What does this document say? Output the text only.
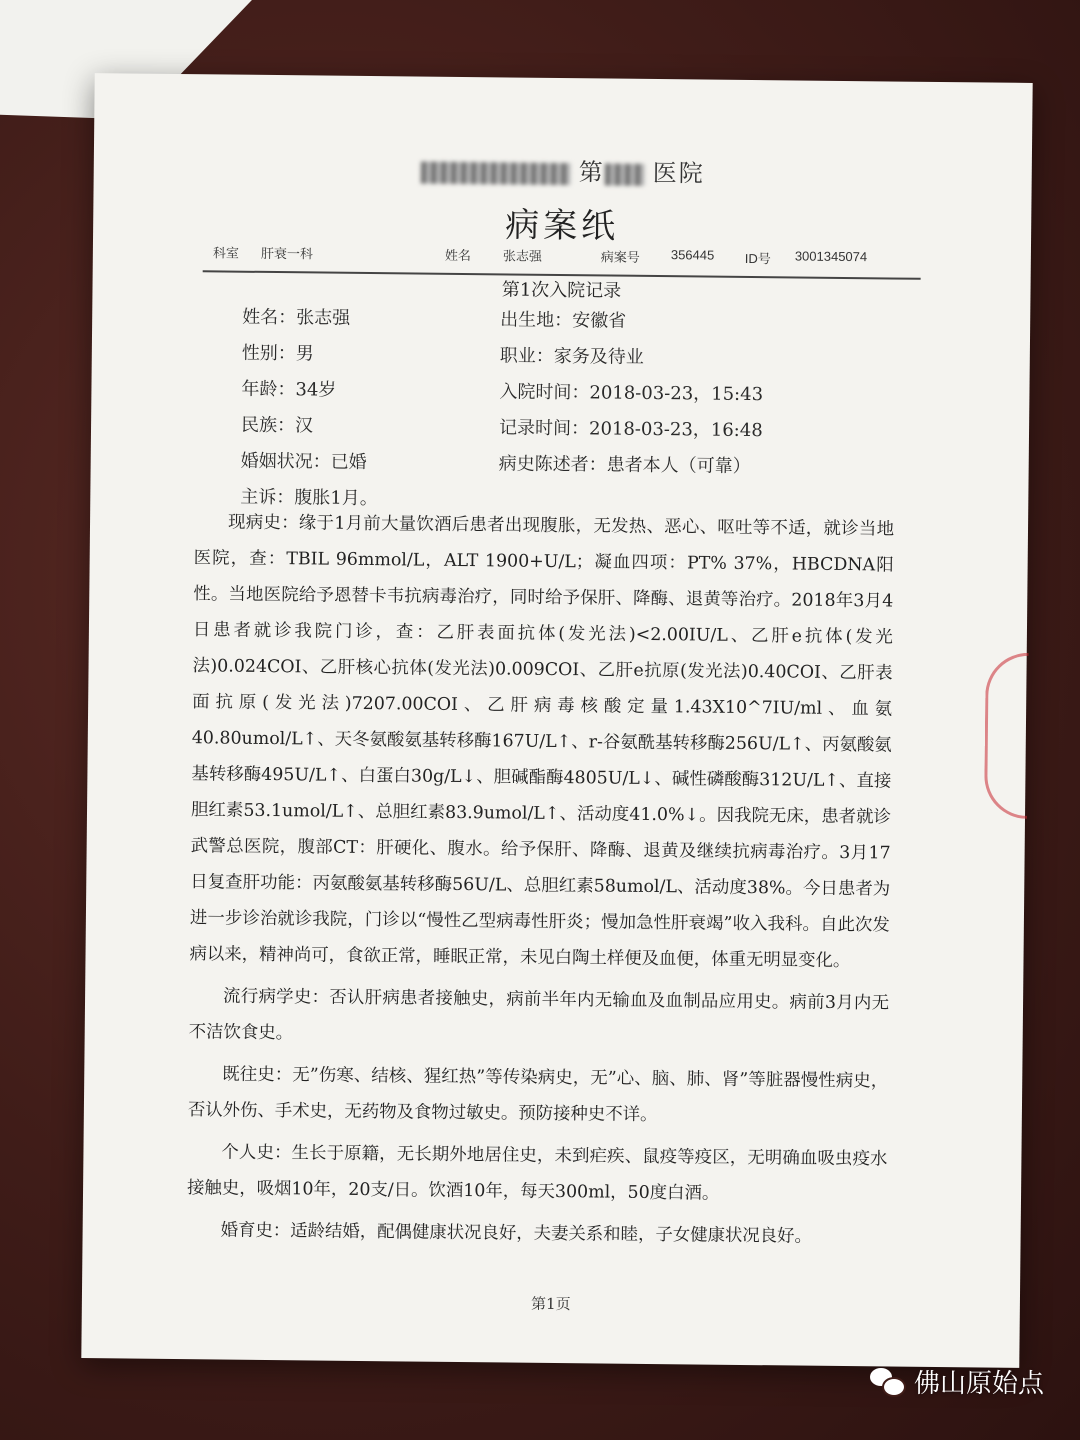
第 医院
病案纸
科室 肝衰一科	姓名 张志强	病案号 356445 ID号 3001345074
第1次入院记录
姓名：张志强
性别：男
年龄：34岁
民族：汉
婚姻状况：已婚
主诉：腹胀1月。
出生地：安徽省
职业：家务及待业
入院时间：2018-03-23，15:43
记录时间：2018-03-23，16:48
病史陈述者：患者本人（可靠）

现病史：缘于1月前大量饮酒后患者出现腹胀，无发热、恶心、呕吐等不适，就诊当地医院，查：TBIL 96mmol/L，ALT 1900+U/L；凝血四项：PT% 37%，HBCDNA阳性。当地医院给予恩替卡韦抗病毒治疗，同时给予保肝、降酶、退黄等治疗。2018年3月4日患者就诊我院门诊，查：乙肝表面抗体(发光法)<2.00IU/L、乙肝e抗体(发光法)0.024COI、乙肝核心抗体(发光法)0.009COI、乙肝e抗原(发光法)0.40COI、乙肝表面抗原(发光法)7207.00COI、乙肝病毒核酸定量1.43X10^7IU/ml、血氨40.80umol/L↑、天冬氨酸氨基转移酶167U/L↑、r-谷氨酰基转移酶256U/L↑、丙氨酸氨基转移酶495U/L↑、白蛋白30g/L↓、胆碱酯酶4805U/L↓、碱性磷酸酶312U/L↑、直接胆红素53.1umol/L↑、总胆红素83.9umol/L↑、活动度41.0%↓。因我院无床，患者就诊武警总医院，腹部CT：肝硬化、腹水。给予保肝、降酶、退黄及继续抗病毒治疗。3月17日复查肝功能：丙氨酸氨基转移酶56U/L、总胆红素58umol/L、活动度38%。今日患者为进一步诊治就诊我院，门诊以“慢性乙型病毒性肝炎；慢加急性肝衰竭”收入我科。自此次发病以来，精神尚可，食欲正常，睡眠正常，未见白陶土样便及血便，体重无明显变化。

流行病学史：否认肝病患者接触史，病前半年内无输血及血制品应用史。病前3月内无不洁饮食史。

既往史：无”伤寒、结核、猩红热”等传染病史，无”心、脑、肺、肾”等脏器慢性病史，否认外伤、手术史，无药物及食物过敏史。预防接种史不详。

个人史：生长于原籍，无长期外地居住史，未到疟疾、鼠疫等疫区，无明确血吸虫疫水接触史，吸烟10年，20支/日。饮酒10年，每天300ml，50度白酒。

婚育史：适龄结婚，配偶健康状况良好，夫妻关系和睦，子女健康状况良好。

第1页
佛山原始点
